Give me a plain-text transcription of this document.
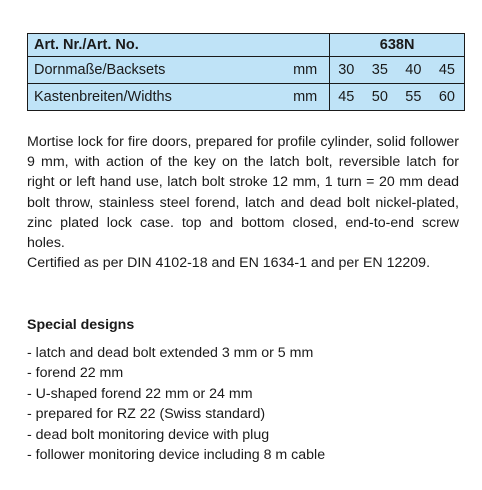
Art. Nr./Art. No.	638N
Dornmaße/Backsets mm	30 35 40 45

Kastenbreiten/Widths mm	45 50 55 60

Mortise lock for fire doors, prepared for profile cylinder, solid follower 9 mm, with action of the key on the latch bolt, reversible latch for right or left hand use, latch bolt stroke 12 mm, 1 turn = 20 mm dead bolt throw, stainless steel forend, latch and dead bolt nickel-plated, zinc plated lock case. top and bottom closed, end-to-end screw holes.

Certified as per DIN 4102-18 and EN 1634-1 and per EN 12209.

Special designs
- latch and dead bolt extended 3 mm or 5 mm
- forend 22 mm
- U-shaped forend 22 mm or 24 mm
- prepared for RZ 22 (Swiss standard)
- dead bolt monitoring device with plug
- follower monitoring device including 8 m cable
